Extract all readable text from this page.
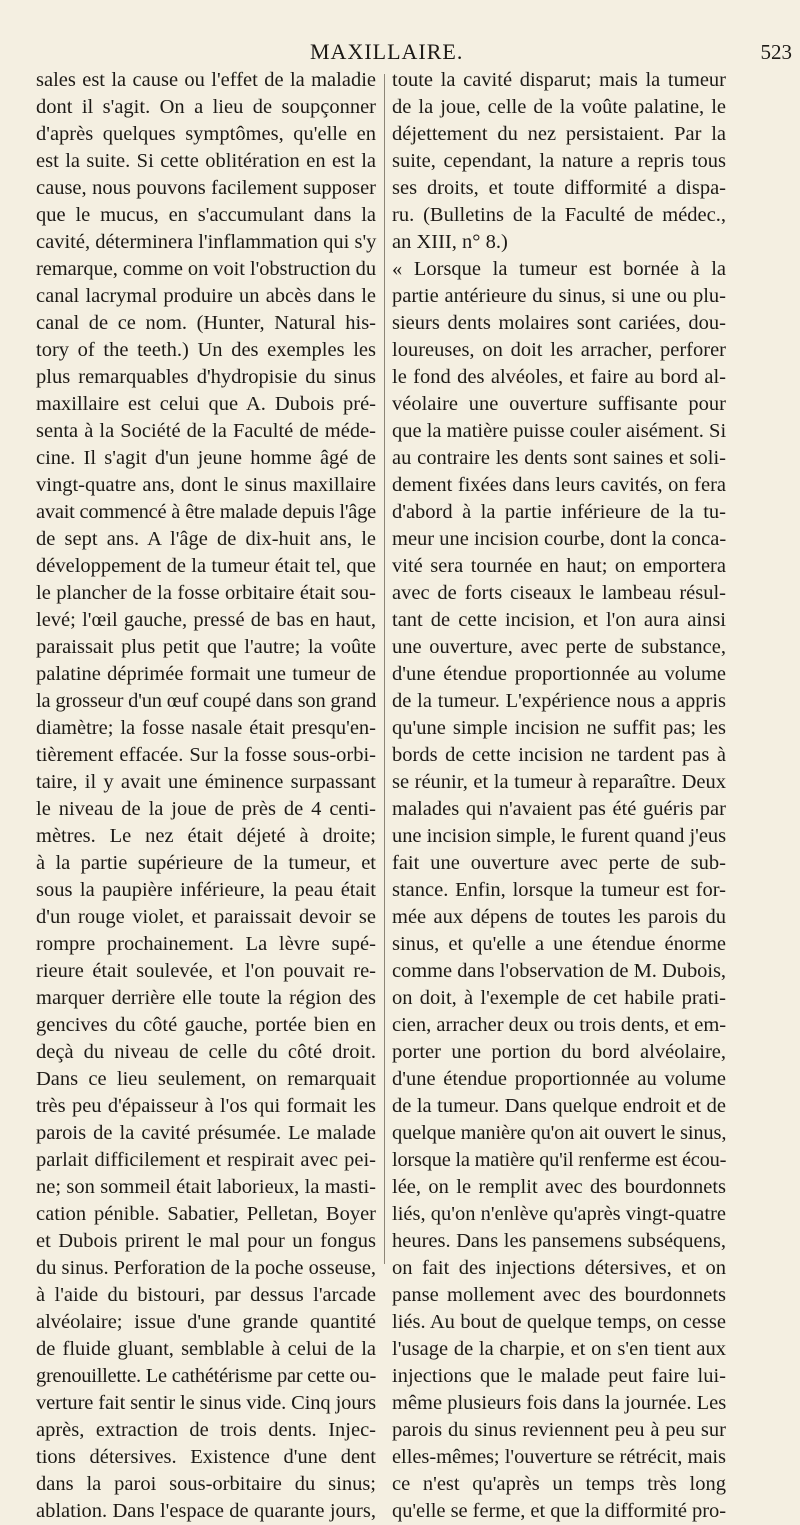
MAXILLAIRE.	523
sales est la cause ou l'effet de la maladie
dont il s'agit. On a lieu de soupçonner
d'après quelques symptômes, qu'elle en
est la suite. Si cette oblitération en est la
cause, nous pouvons facilement supposer
que le mucus, en s'accumulant dans la
cavité, déterminera l'inflammation qui s'y
remarque, comme on voit l'obstruction du
canal lacrymal produire un abcès dans le
canal de ce nom. (Hunter, Natural his-
tory of the teeth.) Un des exemples les
plus remarquables d'hydropisie du sinus
maxillaire est celui que A. Dubois pré-
senta à la Société de la Faculté de méde-
cine. Il s'agit d'un jeune homme âgé de
vingt-quatre ans, dont le sinus maxillaire
avait commencé à être malade depuis l'âge
de sept ans. A l'âge de dix-huit ans, le
développement de la tumeur était tel, que
le plancher de la fosse orbitaire était sou-
levé; l'œil gauche, pressé de bas en haut,
paraissait plus petit que l'autre; la voûte
palatine déprimée formait une tumeur de
la grosseur d'un œuf coupé dans son grand
diamètre; la fosse nasale était presqu'en-
tièrement effacée. Sur la fosse sous-orbi-
taire, il y avait une éminence surpassant
le niveau de la joue de près de 4 centi-
mètres. Le nez était déjeté à droite;
à la partie supérieure de la tumeur, et
sous la paupière inférieure, la peau était
d'un rouge violet, et paraissait devoir se
rompre prochainement. La lèvre supé-
rieure était soulevée, et l'on pouvait re-
marquer derrière elle toute la région des
gencives du côté gauche, portée bien en
deçà du niveau de celle du côté droit.
Dans ce lieu seulement, on remarquait
très peu d'épaisseur à l'os qui formait les
parois de la cavité présumée. Le malade
parlait difficilement et respirait avec pei-
ne; son sommeil était laborieux, la masti-
cation pénible. Sabatier, Pelletan, Boyer
et Dubois prirent le mal pour un fongus
du sinus. Perforation de la poche osseuse,
à l'aide du bistouri, par dessus l'arcade
alvéolaire; issue d'une grande quantité
de fluide gluant, semblable à celui de la
grenouillette. Le cathétérisme par cette ou-
verture fait sentir le sinus vide. Cinq jours
après, extraction de trois dents. Injec-
tions détersives. Existence d'une dent
dans la paroi sous-orbitaire du sinus;
ablation. Dans l'espace de quarante jours,
toute la cavité disparut; mais la tumeur
de la joue, celle de la voûte palatine, le
déjettement du nez persistaient. Par la
suite, cependant, la nature a repris tous
ses droits, et toute difformité a dispa-
ru. (Bulletins de la Faculté de médec.,
an XIII, n° 8.)
« Lorsque la tumeur est bornée à la
partie antérieure du sinus, si une ou plu-
sieurs dents molaires sont cariées, dou-
loureuses, on doit les arracher, perforer
le fond des alvéoles, et faire au bord al-
véolaire une ouverture suffisante pour
que la matière puisse couler aisément. Si
au contraire les dents sont saines et soli-
dement fixées dans leurs cavités, on fera
d'abord à la partie inférieure de la tu-
meur une incision courbe, dont la conca-
vité sera tournée en haut; on emportera
avec de forts ciseaux le lambeau résul-
tant de cette incision, et l'on aura ainsi
une ouverture, avec perte de substance,
d'une étendue proportionnée au volume
de la tumeur. L'expérience nous a appris
qu'une simple incision ne suffit pas; les
bords de cette incision ne tardent pas à
se réunir, et la tumeur à reparaître. Deux
malades qui n'avaient pas été guéris par
une incision simple, le furent quand j'eus
fait une ouverture avec perte de sub-
stance. Enfin, lorsque la tumeur est for-
mée aux dépens de toutes les parois du
sinus, et qu'elle a une étendue énorme
comme dans l'observation de M. Dubois,
on doit, à l'exemple de cet habile prati-
cien, arracher deux ou trois dents, et em-
porter une portion du bord alvéolaire,
d'une étendue proportionnée au volume
de la tumeur. Dans quelque endroit et de
quelque manière qu'on ait ouvert le sinus,
lorsque la matière qu'il renferme est écou-
lée, on le remplit avec des bourdonnets
liés, qu'on n'enlève qu'après vingt-quatre
heures. Dans les pansemens subséquens,
on fait des injections détersives, et on
panse mollement avec des bourdonnets
liés. Au bout de quelque temps, on cesse
l'usage de la charpie, et on s'en tient aux
injections que le malade peut faire lui-
même plusieurs fois dans la journée. Les
parois du sinus reviennent peu à peu sur
elles-mêmes; l'ouverture se rétrécit, mais
ce n'est qu'après un temps très long
qu'elle se ferme, et que la difformité pro-
